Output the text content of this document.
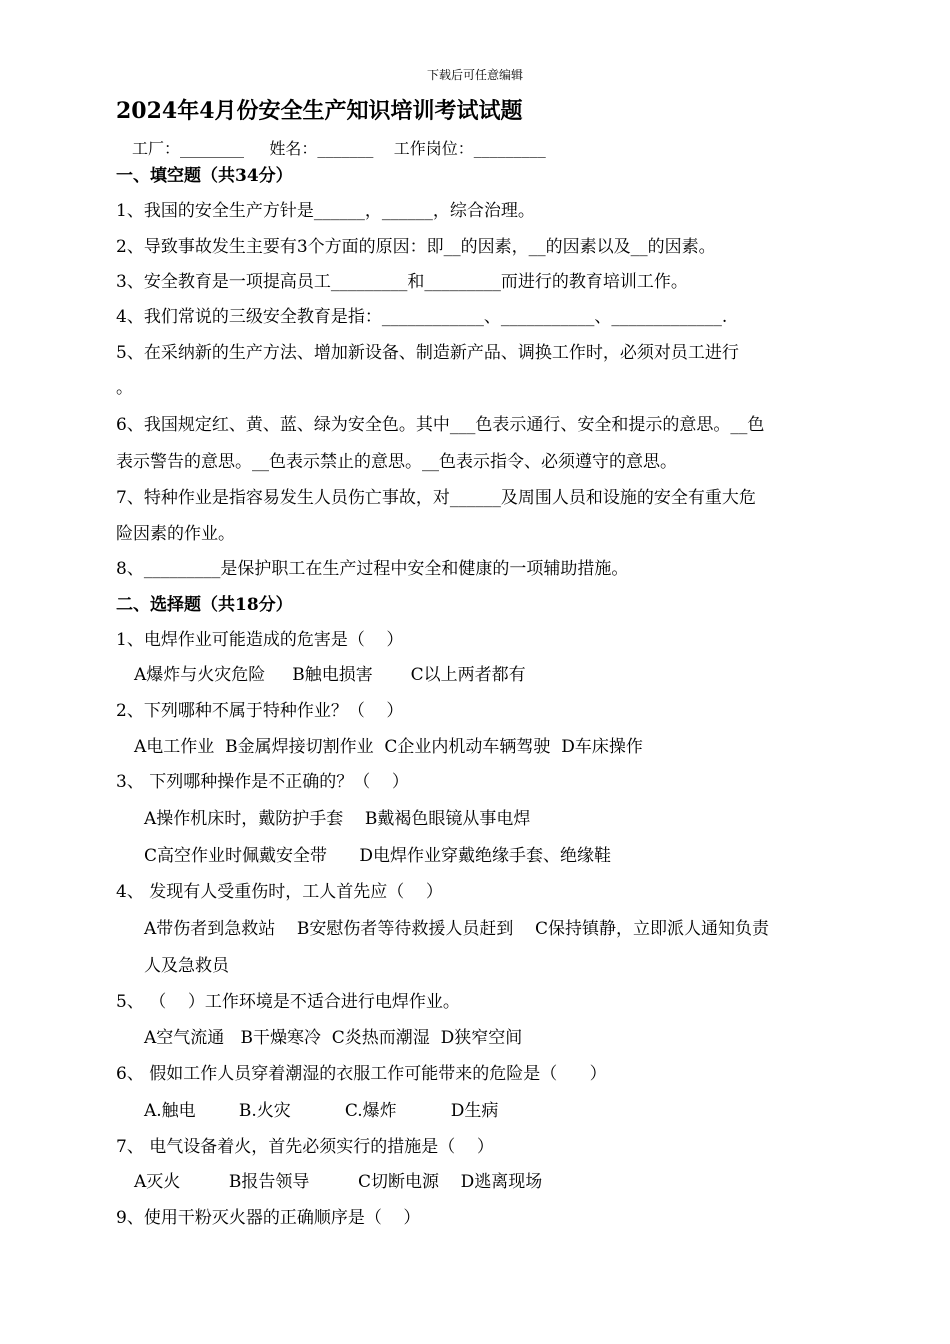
下载后可任意编辑
2024年4月份安全生产知识培训考试试题
工厂：________     姓名：_______    工作岗位：_________
一、填空题（共34分）
1、我国的安全生产方针是______，______，综合治理。
2、导致事故发生主要有3个方面的原因：即__的因素，__的因素以及__的因素。
3、安全教育是一项提高员工_________和_________而进行的教育培训工作。
4、我们常说的三级安全教育是指：____________、___________、_____________.
5、在采纳新的生产方法、增加新设备、制造新产品、调换工作时，必须对员工进行
。
6、我国规定红、黄、蓝、绿为安全色。其中___色表示通行、安全和提示的意思。__色
表示警告的意思。__色表示禁止的意思。__色表示指令、必须遵守的意思。
7、特种作业是指容易发生人员伤亡事故，对______及周围人员和设施的安全有重大危
险因素的作业。
8、_________是保护职工在生产过程中安全和健康的一项辅助措施。
二、选择题（共18分）
1、电焊作业可能造成的危害是（    ）
A爆炸与火灾危险     B触电损害       C以上两者都有
2、下列哪种不属于特种作业？（    ）
A电工作业  B金属焊接切割作业  C企业内机动车辆驾驶  D车床操作
3、 下列哪种操作是不正确的？（    ）
A操作机床时，戴防护手套    B戴褐色眼镜从事电焊
C高空作业时佩戴安全带      D电焊作业穿戴绝缘手套、绝缘鞋
4、 发现有人受重伤时，工人首先应（    ）
A带伤者到急救站    B安慰伤者等待救援人员赶到    C保持镇静，立即派人通知负责
人及急救员
5、 （    ）工作环境是不适合进行电焊作业。
A空气流通   B干燥寒冷  C炎热而潮湿  D狭窄空间
6、 假如工作人员穿着潮湿的衣服工作可能带来的危险是（      ）
A.触电        B.火灾          C.爆炸          D生病
7、 电气设备着火，首先必须实行的措施是（    ）
A灭火         B报告领导         C切断电源    D逃离现场
9、使用干粉灭火器的正确顺序是（    ）
